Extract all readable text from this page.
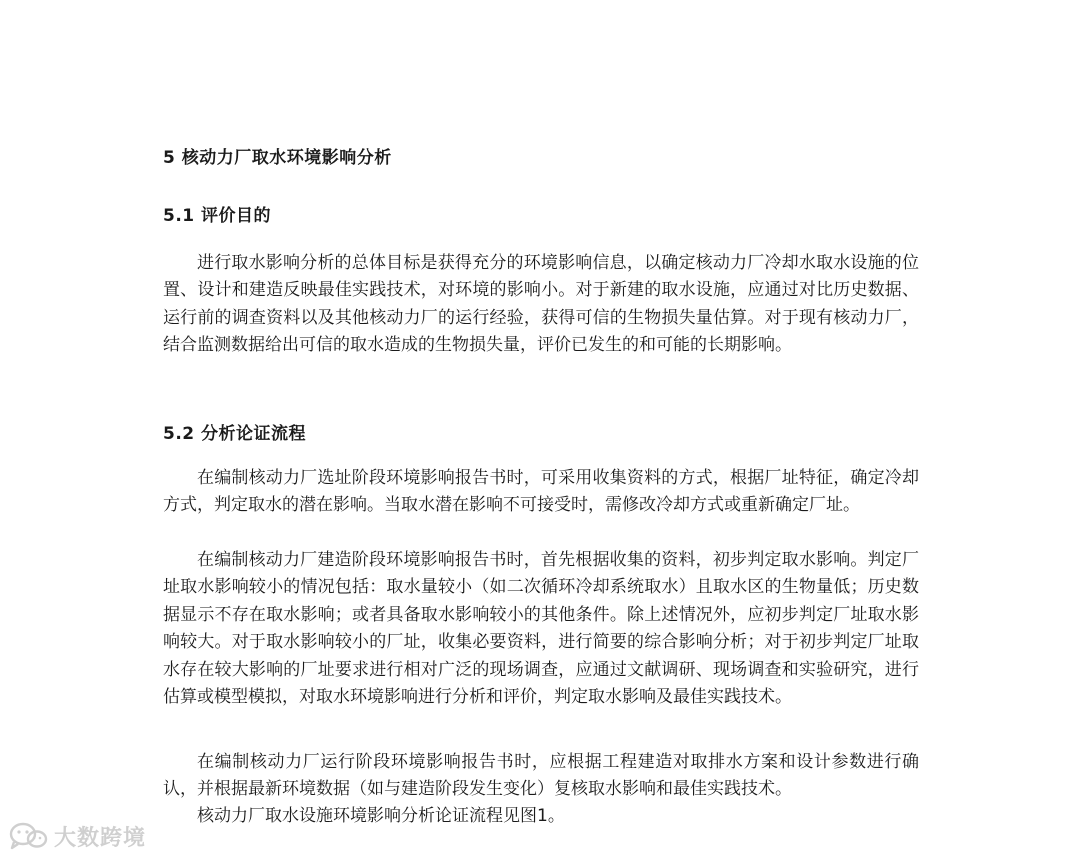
5 核动力厂取水环境影响分析
5.1 评价目的

进行取水影响分析的总体目标是获得充分的环境影响信息，以确定核动力厂冷却水取水设施的位置、设计和建造反映最佳实践技术，对环境的影响小。对于新建的取水设施，应通过对比历史数据、运行前的调查资料以及其他核动力厂的运行经验，获得可信的生物损失量估算。对于现有核动力厂，结合监测数据给出可信的取水造成的生物损失量，评价已发生的和可能的长期影响。

5.2 分析论证流程

在编制核动力厂选址阶段环境影响报告书时，可采用收集资料的方式，根据厂址特征，确定冷却方式，判定取水的潜在影响。当取水潜在影响不可接受时，需修改冷却方式或重新确定厂址。

在编制核动力厂建造阶段环境影响报告书时，首先根据收集的资料，初步判定取水影响。判定厂址取水影响较小的情况包括：取水量较小（如二次循环冷却系统取水）且取水区的生物量低；历史数据显示不存在取水影响；或者具备取水影响较小的其他条件。除上述情况外，应初步判定厂址取水影响较大。对于取水影响较小的厂址，收集必要资料，进行简要的综合影响分析；对于初步判定厂址取水存在较大影响的厂址要求进行相对广泛的现场调查，应通过文献调研、现场调查和实验研究，进行估算或模型模拟，对取水环境影响进行分析和评价，判定取水影响及最佳实践技术。

在编制核动力厂运行阶段环境影响报告书时，应根据工程建造对取排水方案和设计参数进行确认，并根据最新环境数据（如与建造阶段发生变化）复核取水影响和最佳实践技术。

核动力厂取水设施环境影响分析论证流程见图1。

大数跨境
